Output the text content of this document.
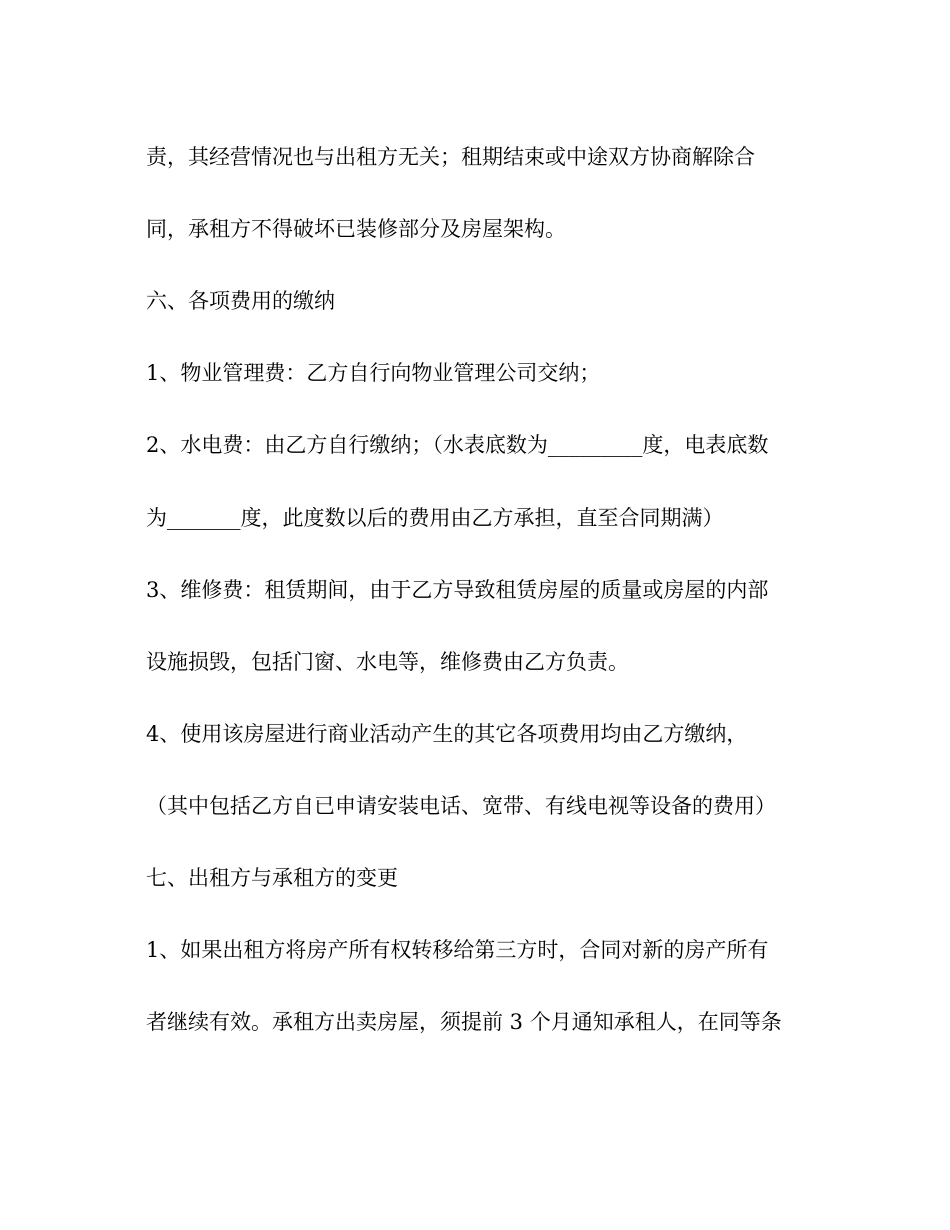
责，其经营情况也与出租方无关；租期结束或中途双方协商解除合
同，承租方不得破坏已装修部分及房屋架构。
六、各项费用的缴纳
1、物业管理费：乙方自行向物业管理公司交纳；
2、水电费：由乙方自行缴纳；（水表底数为_________度，电表底数
为_______度，此度数以后的费用由乙方承担，直至合同期满）
3、维修费：租赁期间，由于乙方导致租赁房屋的质量或房屋的内部
设施损毁，包括门窗、水电等，维修费由乙方负责。
4、使用该房屋进行商业活动产生的其它各项费用均由乙方缴纳，
（其中包括乙方自已申请安装电话、宽带、有线电视等设备的费用）
七、出租方与承租方的变更
1、如果出租方将房产所有权转移给第三方时，合同对新的房产所有
者继续有效。承租方出卖房屋，须提前 3 个月通知承租人，在同等条
